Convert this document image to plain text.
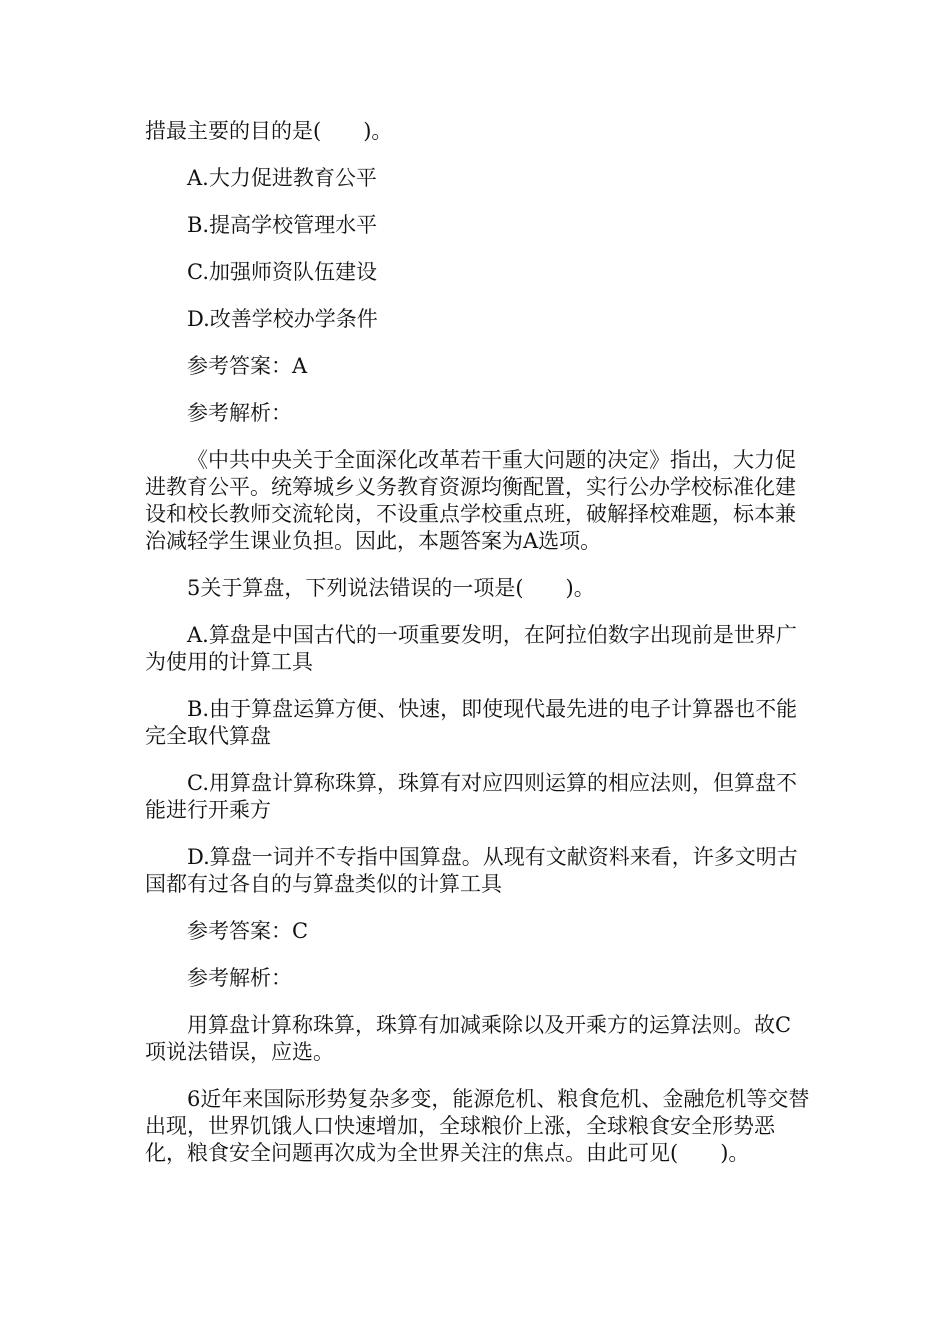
措最主要的目的是(　　)。

A.大力促进教育公平

B.提高学校管理水平

C.加强师资队伍建设

D.改善学校办学条件

参考答案：A

参考解析：

《中共中央关于全面深化改革若干重大问题的决定》指出，大力促进教育公平。统筹城乡义务教育资源均衡配置，实行公办学校标准化建设和校长教师交流轮岗，不设重点学校重点班，破解择校难题，标本兼治减轻学生课业负担。因此，本题答案为A选项。

5关于算盘，下列说法错误的一项是(　　)。

A.算盘是中国古代的一项重要发明，在阿拉伯数字出现前是世界广为使用的计算工具

B.由于算盘运算方便、快速，即使现代最先进的电子计算器也不能完全取代算盘

C.用算盘计算称珠算，珠算有对应四则运算的相应法则，但算盘不能进行开乘方

D.算盘一词并不专指中国算盘。从现有文献资料来看，许多文明古国都有过各自的与算盘类似的计算工具

参考答案：C

参考解析：

用算盘计算称珠算，珠算有加减乘除以及开乘方的运算法则。故C项说法错误，应选。

6近年来国际形势复杂多变，能源危机、粮食危机、金融危机等交替出现，世界饥饿人口快速增加，全球粮价上涨，全球粮食安全形势恶化，粮食安全问题再次成为全世界关注的焦点。由此可见(　　)。
